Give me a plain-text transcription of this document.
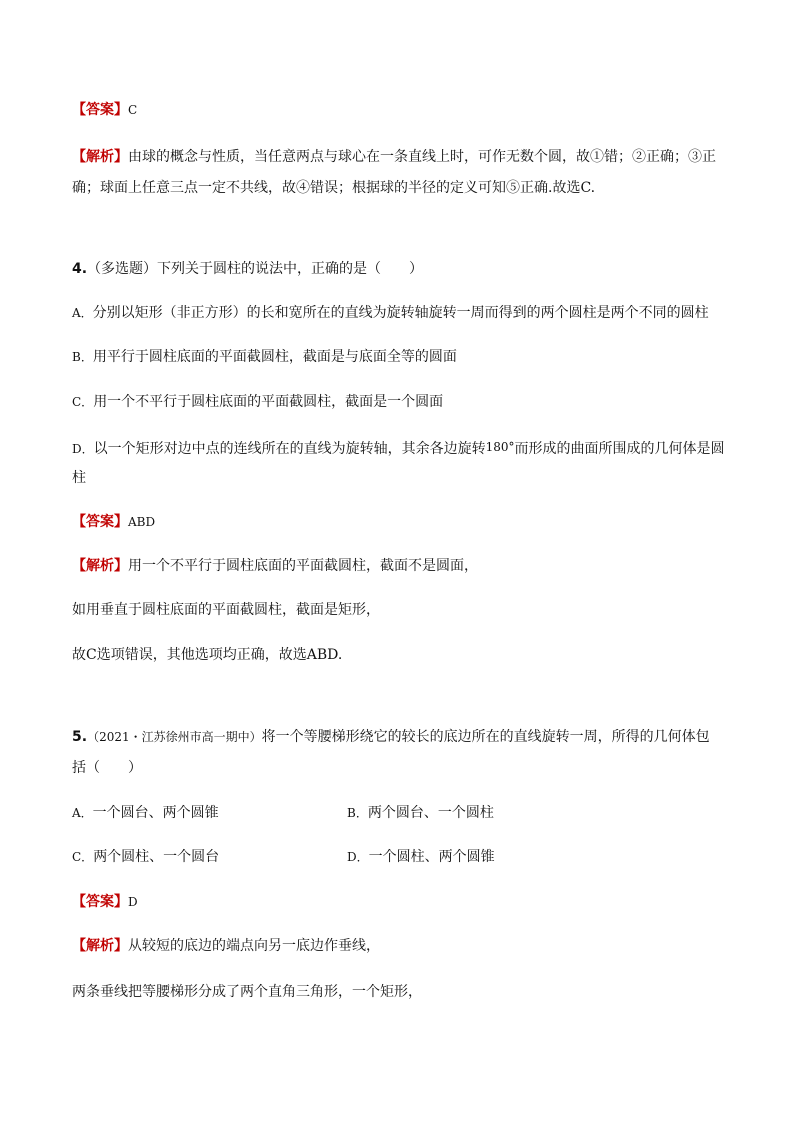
【答案】C
【解析】由球的概念与性质，当任意两点与球心在一条直线上时，可作无数个圆，故①错；②正确；③正
确；球面上任意三点一定不共线，故④错误；根据球的半径的定义可知⑤正确.故选C.
4.（多选题）下列关于圆柱的说法中，正确的是（　　）
A．分别以矩形（非正方形）的长和宽所在的直线为旋转轴旋转一周而得到的两个圆柱是两个不同的圆柱
B．用平行于圆柱底面的平面截圆柱，截面是与底面全等的圆面
C．用一个不平行于圆柱底面的平面截圆柱，截面是一个圆面
D．以一个矩形对边中点的连线所在的直线为旋转轴，其余各边旋转180°而形成的曲面所围成的几何体是圆
柱
【答案】ABD
【解析】用一个不平行于圆柱底面的平面截圆柱，截面不是圆面，
如用垂直于圆柱底面的平面截圆柱，截面是矩形，
故C选项错误，其他选项均正确，故选ABD.
5.（2021・江苏徐州市高一期中）将一个等腰梯形绕它的较长的底边所在的直线旋转一周，所得的几何体包
括（　　）
A．一个圆台、两个圆锥	B．两个圆台、一个圆柱
C．两个圆柱、一个圆台	D．一个圆柱、两个圆锥
【答案】D
【解析】从较短的底边的端点向另一底边作垂线，
两条垂线把等腰梯形分成了两个直角三角形，一个矩形，
